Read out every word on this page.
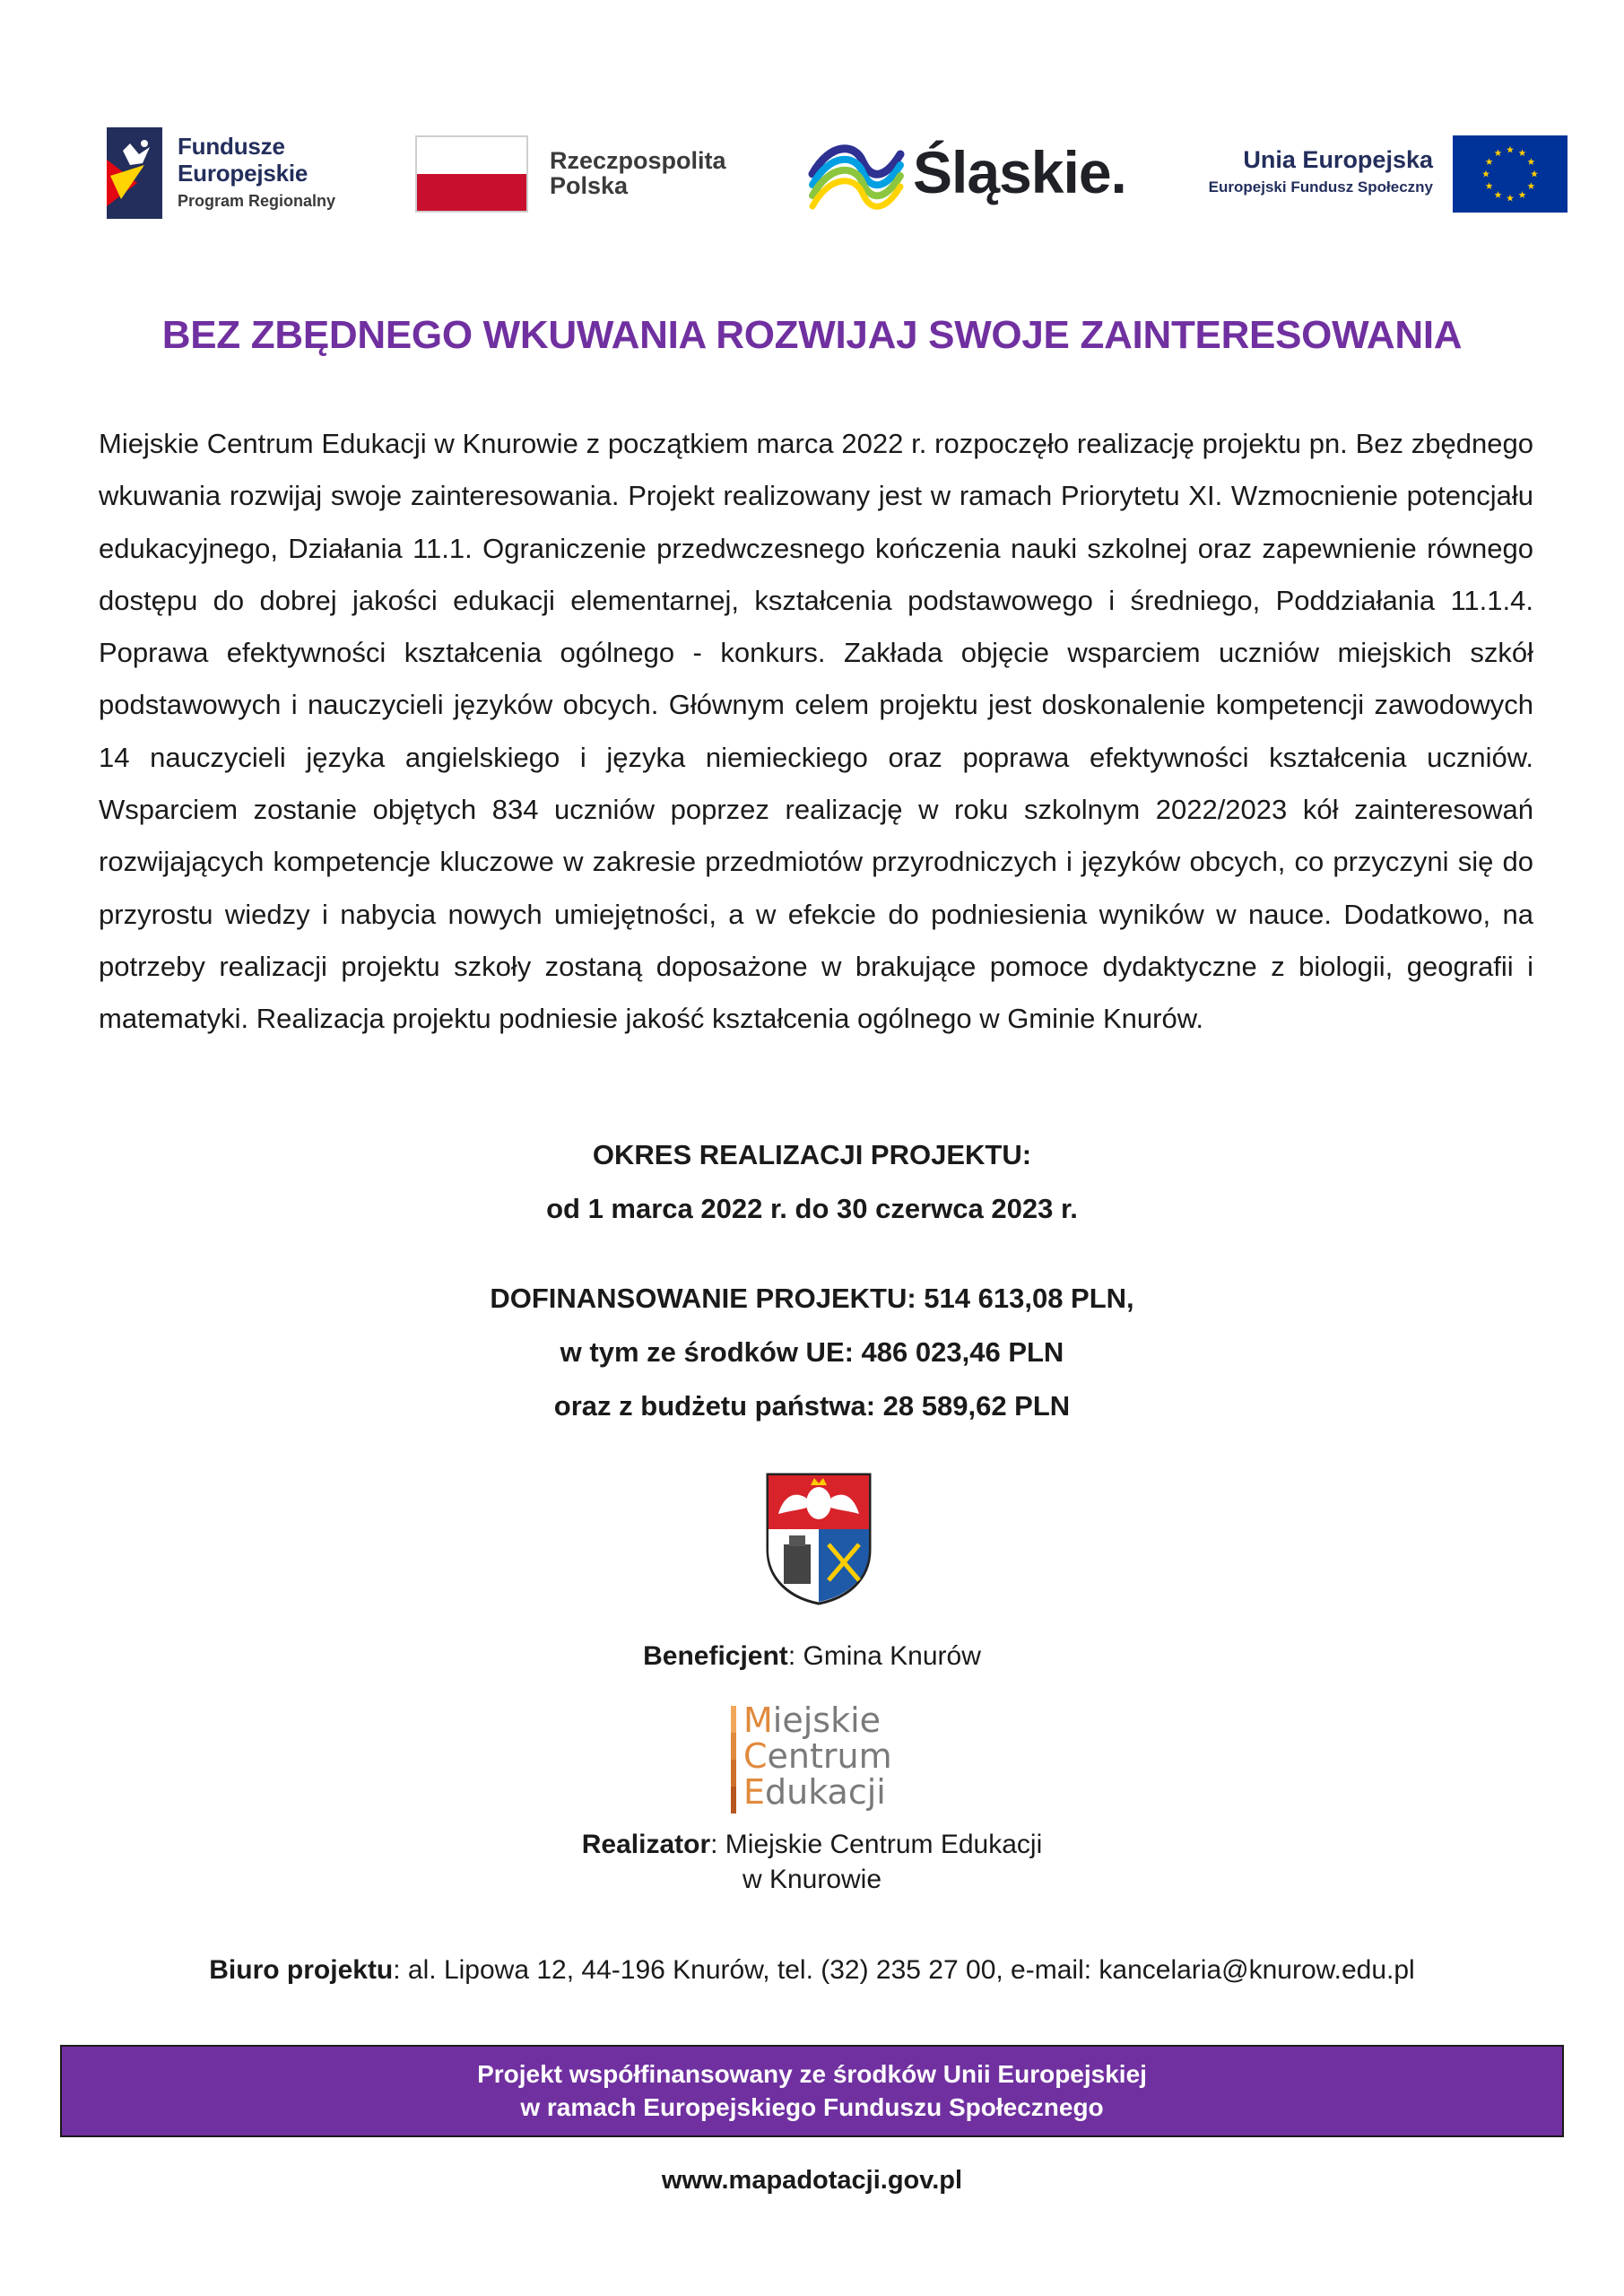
Fundusze
Europejskie
Program Regionalny
Rzeczpospolita
Polska	Śląskie.	Unia Europejska
Europejski Fundusz Społeczny
BEZ ZBĘDNEGO WKUWANIA ROZWIJAJ SWOJE ZAINTERESOWANIA
Miejskie Centrum Edukacji w Knurowie z początkiem marca 2022 r. rozpoczęło realizację projektu pn. Bez zbędnego wkuwania rozwijaj swoje zainteresowania. Projekt realizowany jest w ramach Priorytetu XI. Wzmocnienie potencjału edukacyjnego, Działania 11.1. Ograniczenie przedwczesnego kończenia nauki szkolnej oraz zapewnienie równego dostępu do dobrej jakości edukacji elementarnej, kształcenia podstawowego i średniego, Poddziałania 11.1.4. Poprawa efektywności kształcenia ogólnego - konkurs. Zakłada objęcie wsparciem uczniów miejskich szkół podstawowych i nauczycieli języków obcych. Głównym celem projektu jest doskonalenie kompetencji zawodowych 14 nauczycieli języka angielskiego i języka niemieckiego oraz poprawa efektywności kształcenia uczniów. Wsparciem zostanie objętych 834 uczniów poprzez realizację w roku szkolnym 2022/2023 kół zainteresowań rozwijających kompetencje kluczowe w zakresie przedmiotów przyrodniczych i języków obcych, co przyczyni się do przyrostu wiedzy i nabycia nowych umiejętności, a w efekcie do podniesienia wyników w nauce. Dodatkowo, na potrzeby realizacji projektu szkoły zostaną doposażone w brakujące pomoce dydaktyczne z biologii, geografii i matematyki. Realizacja projektu podniesie jakość kształcenia ogólnego w Gminie Knurów.
OKRES REALIZACJI PROJEKTU:
od 1 marca 2022 r. do 30 czerwca 2023 r.
DOFINANSOWANIE PROJEKTU: 514 613,08 PLN,
w tym ze środków UE: 486 023,46 PLN
oraz z budżetu państwa: 28 589,62 PLN
Beneficjent: Gmina Knurów
Miejskie
Centrum
Edukacji
Realizator: Miejskie Centrum Edukacji
w Knurowie
Biuro projektu: al. Lipowa 12, 44-196 Knurów, tel. (32) 235 27 00, e-mail: kancelaria@knurow.edu.pl
Projekt współfinansowany ze środków Unii Europejskiej
w ramach Europejskiego Funduszu Społecznego
www.mapadotacji.gov.pl
